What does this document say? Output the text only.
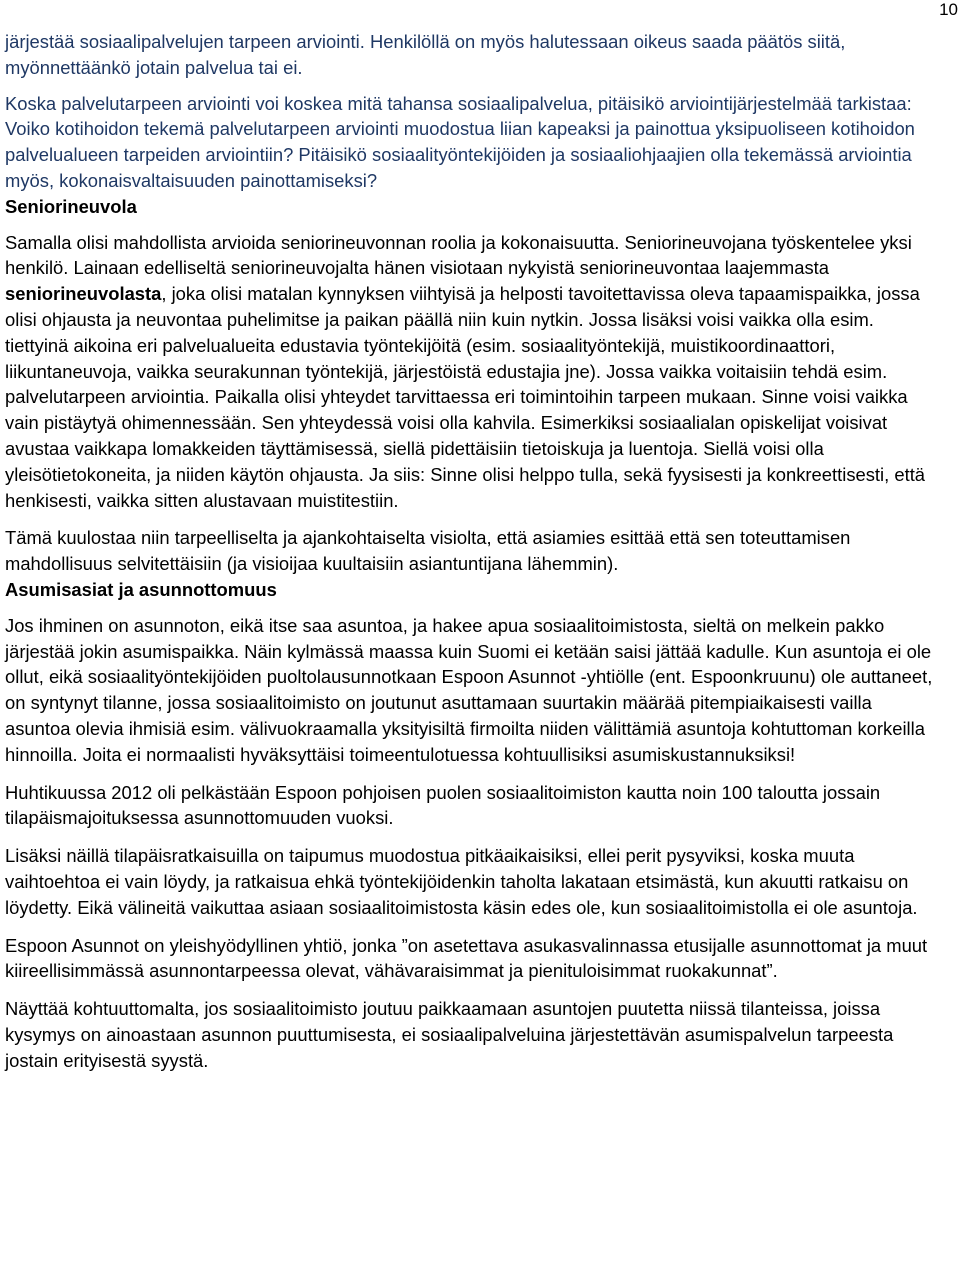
10

järjestää sosiaalipalvelujen tarpeen arviointi. Henkilöllä on myös halutessaan oikeus saada päätös siitä, myönnettäänkö jotain palvelua tai ei.

Koska palvelutarpeen arviointi voi koskea mitä tahansa sosiaalipalvelua, pitäisikö arviointijärjestelmää tarkistaa: Voiko kotihoidon tekemä palvelutarpeen arviointi muodostua liian kapeaksi ja painottua yksipuoliseen kotihoidon palvelualueen tarpeiden arviointiin? Pitäisikö sosiaalityöntekijöiden ja sosiaaliohjaajien olla tekemässä arviointia myös, kokonaisvaltaisuuden painottamiseksi?

Seniorineuvola

Samalla olisi mahdollista arvioida seniorineuvonnan roolia ja kokonaisuutta. Seniorineuvojana työskentelee yksi henkilö. Lainaan edelliseltä seniorineuvojalta hänen visiotaan nykyistä seniorineuvontaa laajemmasta seniorineuvolasta, joka olisi matalan kynnyksen viihtyisä ja helposti tavoitettavissa oleva tapaamispaikka, jossa olisi ohjausta ja neuvontaa puhelimitse ja paikan päällä niin kuin nytkin. Jossa lisäksi voisi vaikka olla esim. tiettyinä aikoina eri palvelualueita edustavia työntekijöitä (esim. sosiaalityöntekijä, muistikoordinaattori, liikuntaneuvoja, vaikka seurakunnan työntekijä, järjestöistä edustajia jne). Jossa vaikka voitaisiin tehdä esim. palvelutarpeen arviointia. Paikalla olisi yhteydet tarvittaessa eri toimintoihin tarpeen mukaan. Sinne voisi vaikka vain pistäytyä ohimennessään. Sen yhteydessä voisi olla kahvila. Esimerkiksi sosiaalialan opiskelijat voisivat avustaa vaikkapa lomakkeiden täyttämisessä, siellä pidettäisiin tietoiskuja ja luentoja. Siellä voisi olla yleisötietokoneita, ja niiden käytön ohjausta. Ja siis: Sinne olisi helppo tulla, sekä fyysisesti ja konkreettisesti, että henkisesti, vaikka sitten alustavaan muistitestiin.

Tämä kuulostaa niin tarpeelliselta ja ajankohtaiselta visiolta, että asiamies esittää että sen toteuttamisen mahdollisuus selvitettäisiin (ja visioijaa kuultaisiin asiantuntijana lähemmin).

Asumisasiat ja asunnottomuus

Jos ihminen on asunnoton, eikä itse saa asuntoa, ja hakee apua sosiaalitoimistosta, sieltä on melkein pakko järjestää jokin asumispaikka. Näin kylmässä maassa kuin Suomi ei ketään saisi jättää kadulle. Kun asuntoja ei ole ollut, eikä sosiaalityöntekijöiden puoltolausunnotkaan Espoon Asunnot -yhtiölle (ent. Espoonkruunu) ole auttaneet, on syntynyt tilanne, jossa sosiaalitoimisto on joutunut asuttamaan suurtakin määrää pitempiaikaisesti vailla asuntoa olevia ihmisiä esim. välivuokraamalla yksityisiltä firmoilta niiden välittämiä asuntoja kohtuttoman korkeilla hinnoilla. Joita ei normaalisti hyväksyttäisi toimeentulotuessa kohtuullisiksi asumiskustannuksiksi!

Huhtikuussa 2012 oli pelkästään Espoon pohjoisen puolen sosiaalitoimiston kautta noin 100 taloutta jossain tilapäismajoituksessa asunnottomuuden vuoksi.

Lisäksi näillä tilapäisratkaisuilla on taipumus muodostua pitkäaikaisiksi, ellei perit pysyviksi, koska muuta vaihtoehtoa ei vain löydy, ja ratkaisua ehkä työntekijöidenkin taholta lakataan etsimästä, kun akuutti ratkaisu on löydetty. Eikä välineitä vaikuttaa asiaan sosiaalitoimistosta käsin edes ole, kun sosiaalitoimistolla ei ole asuntoja.

Espoon Asunnot on yleishyödyllinen yhtiö, jonka ”on asetettava asukasvalinnassa etusijalle asunnottomat ja muut kiireellisimmässä asunnontarpeessa olevat, vähävaraisimmat ja pienituloisimmat ruokakunnat”.

Näyttää kohtuuttomalta, jos sosiaalitoimisto joutuu paikkaamaan asuntojen puutetta niissä tilanteissa, joissa kysymys on ainoastaan asunnon puuttumisesta, ei sosiaalipalveluina järjestettävän asumispalvelun tarpeesta jostain erityisestä syystä.
